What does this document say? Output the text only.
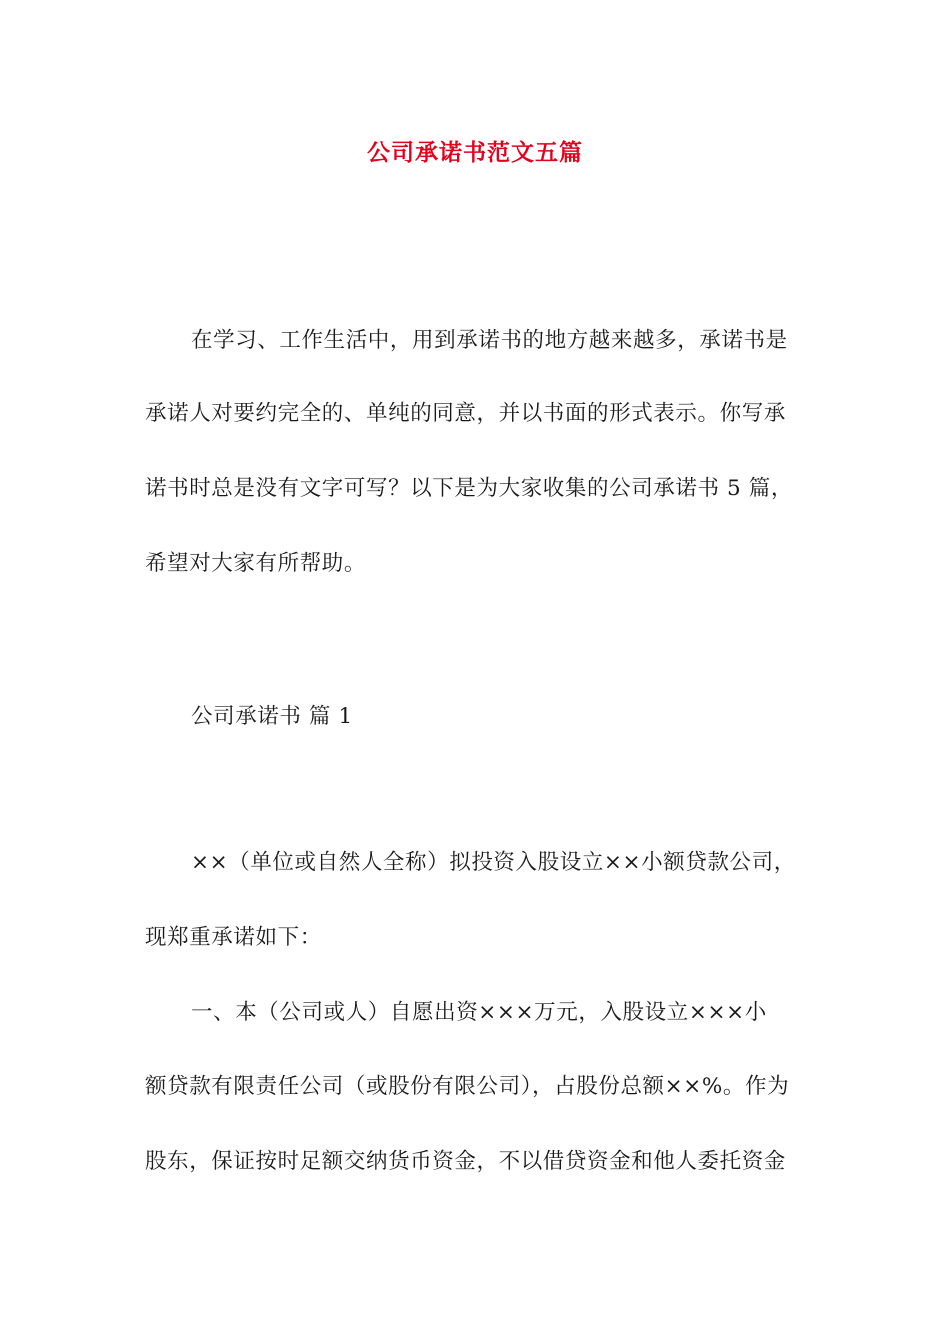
公司承诺书范文五篇
在学习、工作生活中，用到承诺书的地方越来越多，承诺书是
承诺人对要约完全的、单纯的同意，并以书面的形式表示。你写承
诺书时总是没有文字可写？以下是为大家收集的公司承诺书 5 篇，
希望对大家有所帮助。
公司承诺书 篇 1
××（单位或自然人全称）拟投资入股设立××小额贷款公司，
现郑重承诺如下：
一、本（公司或人）自愿出资×××万元，入股设立×××小
额贷款有限责任公司（或股份有限公司），占股份总额××%。作为
股东，保证按时足额交纳货币资金，不以借贷资金和他人委托资金
